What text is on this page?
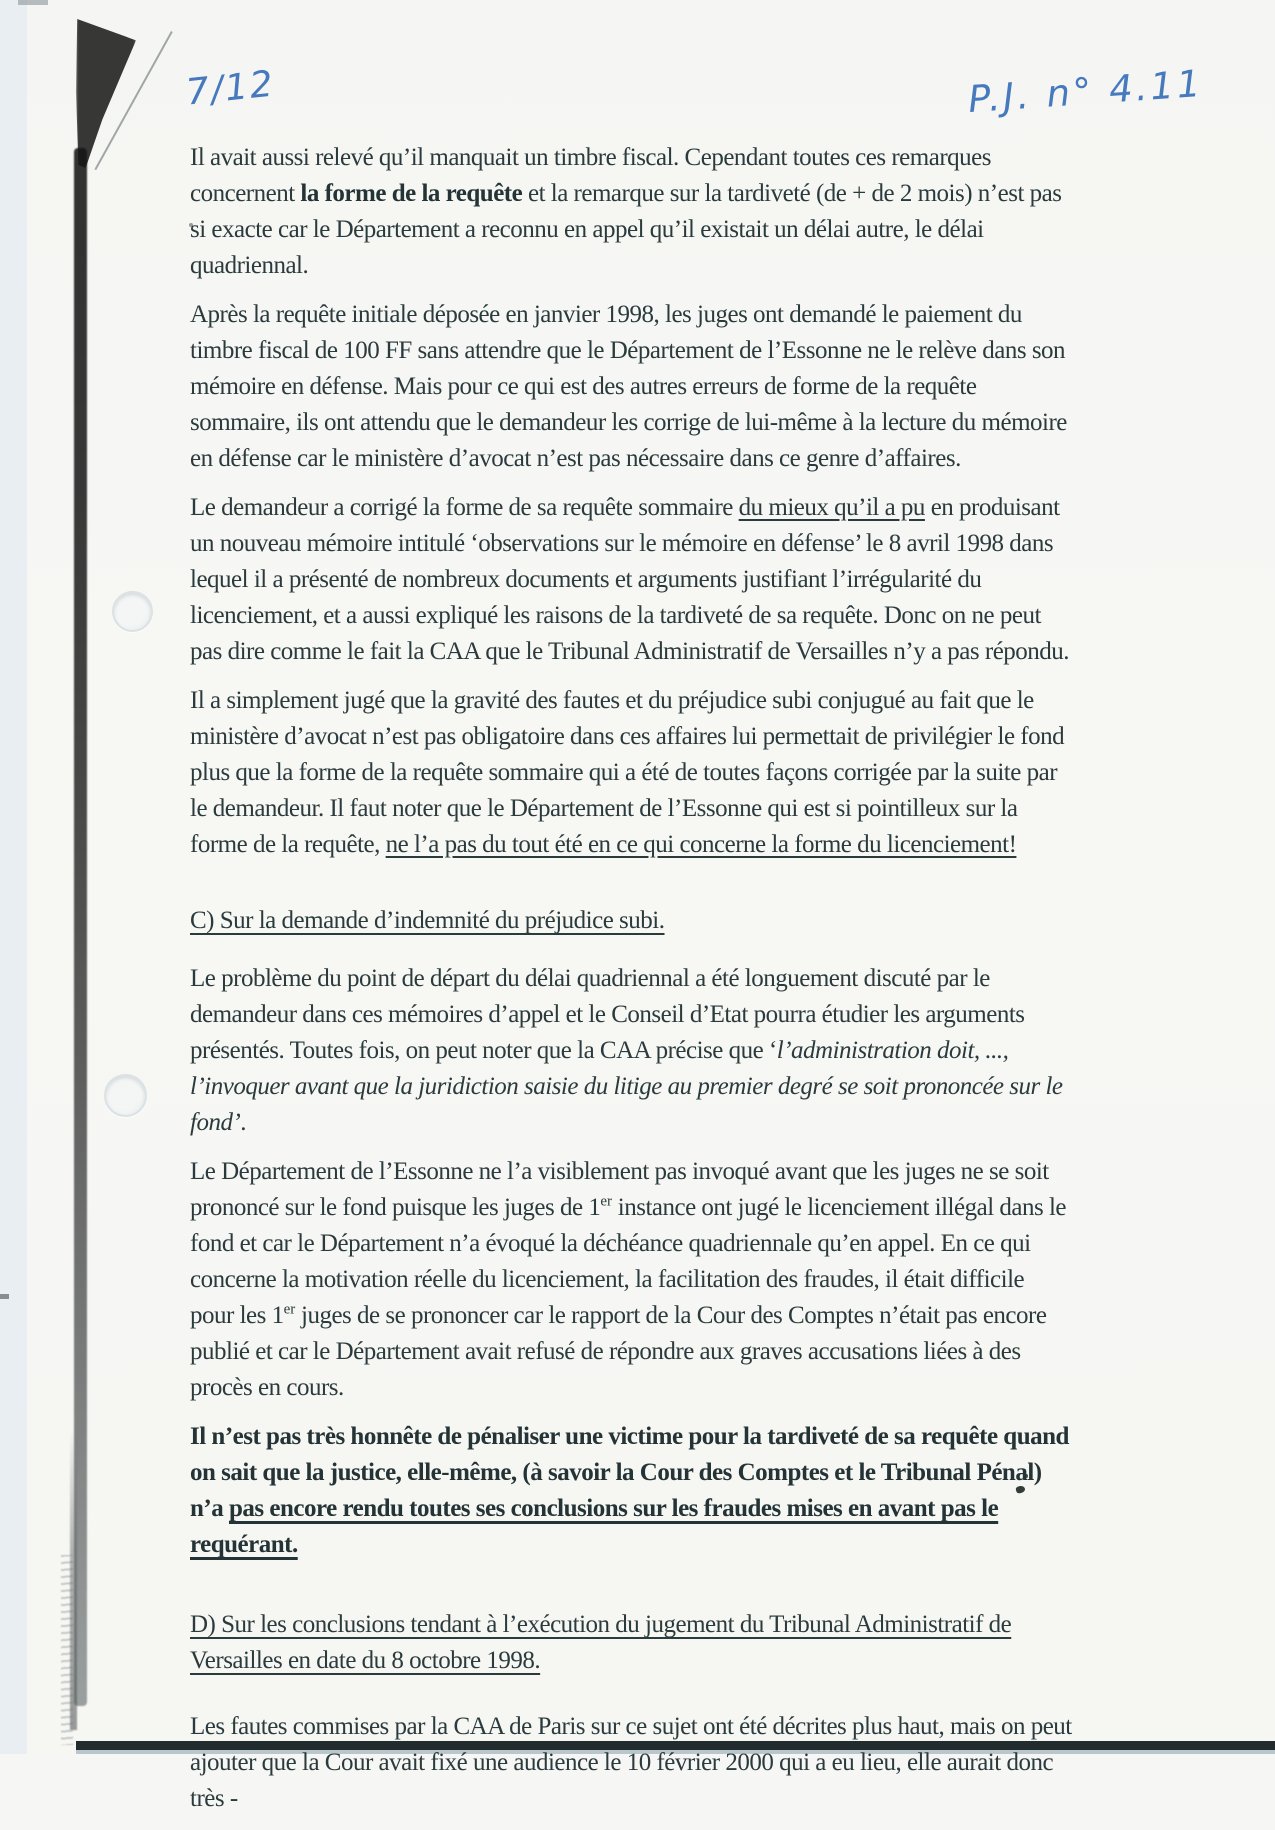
7/12	P.J. n° 4.11

Il avait aussi relevé qu’il manquait un timbre fiscal. Cependant toutes ces remarques concernent la forme de la requête et la remarque sur la tardiveté (de + de 2 mois) n’est pas si exacte car le Département a reconnu en appel qu’il existait un délai autre, le délai quadriennal.

Après la requête initiale déposée en janvier 1998, les juges ont demandé le paiement du timbre fiscal de 100 FF sans attendre que le Département de l’Essonne ne le relève dans son mémoire en défense. Mais pour ce qui est des autres erreurs de forme de la requête sommaire, ils ont attendu que le demandeur les corrige de lui-même à la lecture du mémoire en défense car le ministère d’avocat n’est pas nécessaire dans ce genre d’affaires.

Le demandeur a corrigé la forme de sa requête sommaire du mieux qu’il a pu en produisant un nouveau mémoire intitulé ‘observations sur le mémoire en défense’ le 8 avril 1998 dans lequel il a présenté de nombreux documents et arguments justifiant l’irrégularité du licenciement, et a aussi expliqué les raisons de la tardiveté de sa requête. Donc on ne peut pas dire comme le fait la CAA que le Tribunal Administratif de Versailles n’y a pas répondu.

Il a simplement jugé que la gravité des fautes et du préjudice subi conjugué au fait que le ministère d’avocat n’est pas obligatoire dans ces affaires lui permettait de privilégier le fond plus que la forme de la requête sommaire qui a été de toutes façons corrigée par la suite par le demandeur. Il faut noter que le Département de l’Essonne qui est si pointilleux sur la forme de la requête, ne l’a pas du tout été en ce qui concerne la forme du licenciement!

C) Sur la demande d’indemnité du préjudice subi.

Le problème du point de départ du délai quadriennal a été longuement discuté par le demandeur dans ces mémoires d’appel et le Conseil d’Etat pourra étudier les arguments présentés. Toutes fois, on peut noter que la CAA précise que ‘l’administration doit, ..., l’invoquer avant que la juridiction saisie du litige au premier degré se soit prononcée sur le fond’.

Le Département de l’Essonne ne l’a visiblement pas invoqué avant que les juges ne se soit prononcé sur le fond puisque les juges de 1er instance ont jugé le licenciement illégal dans le fond et car le Département n’a évoqué la déchéance quadriennale qu’en appel. En ce qui concerne la motivation réelle du licenciement, la facilitation des fraudes, il était difficile pour les 1er juges de se prononcer car le rapport de la Cour des Comptes n’était pas encore publié et car le Département avait refusé de répondre aux graves accusations liées à des procès en cours.

Il n’est pas très honnête de pénaliser une victime pour la tardiveté de sa requête quand on sait que la justice, elle-même, (à savoir la Cour des Comptes et le Tribunal Pénal) n’a pas encore rendu toutes ses conclusions sur les fraudes mises en avant pas le requérant.

D) Sur les conclusions tendant à l’exécution du jugement du Tribunal Administratif de Versailles en date du 8 octobre 1998.

Les fautes commises par la CAA de Paris sur ce sujet ont été décrites plus haut, mais on peut ajouter que la Cour avait fixé une audience le 10 février 2000 qui a eu lieu, elle aurait donc très -
